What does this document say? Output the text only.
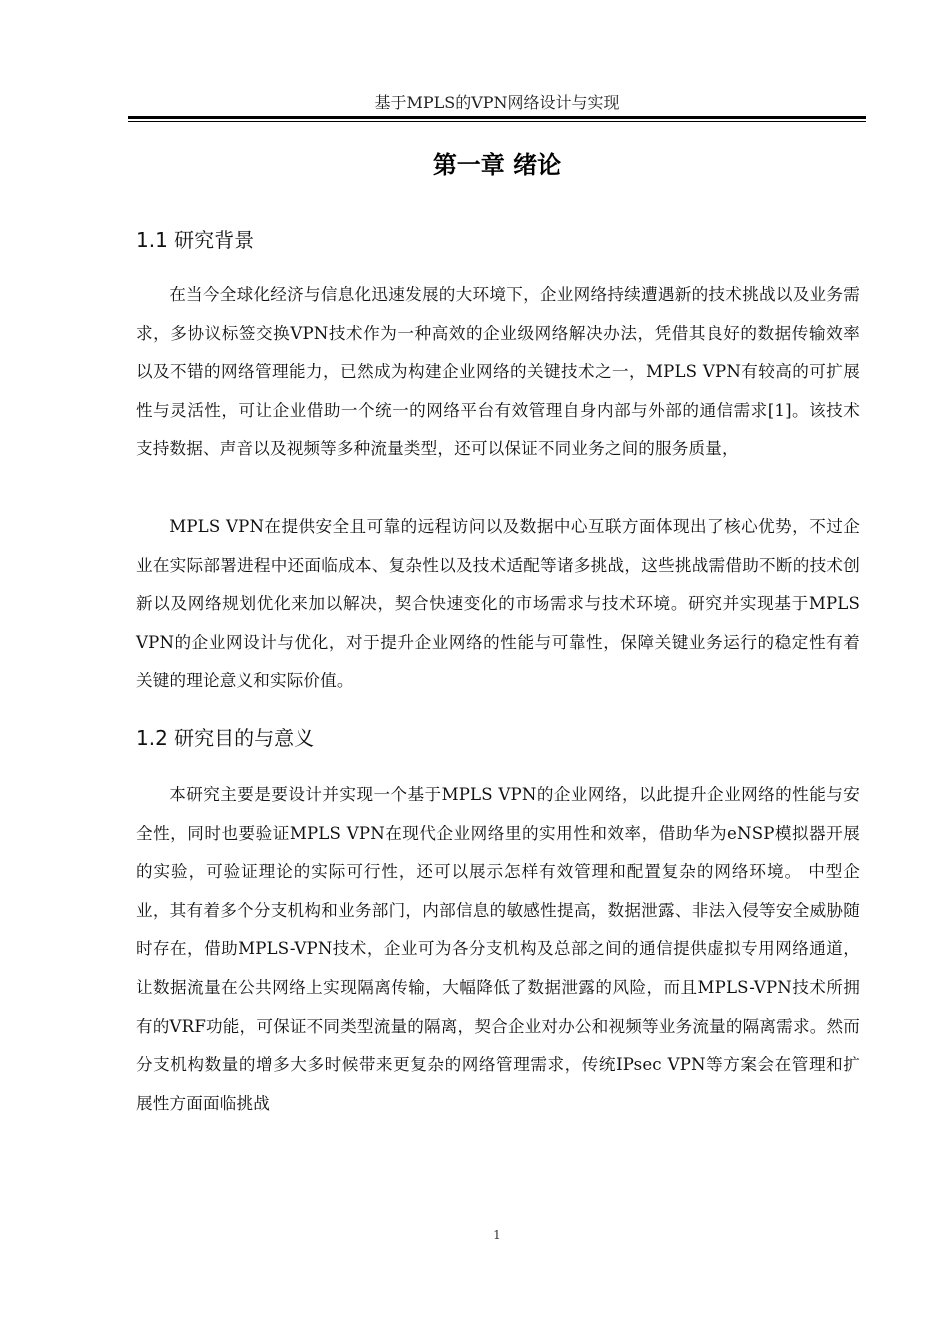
基于MPLS的VPN网络设计与实现
第一章 绪论
1.1 研究背景

在当今全球化经济与信息化迅速发展的大环境下，企业网络持续遭遇新的技术挑战以及业务需求，多协议标签交换VPN技术作为一种高效的企业级网络解决办法，凭借其良好的数据传输效率以及不错的网络管理能力，已然成为构建企业网络的关键技术之一，MPLS VPN有较高的可扩展性与灵活性，可让企业借助一个统一的网络平台有效管理自身内部与外部的通信需求[1]。该技术支持数据、声音以及视频等多种流量类型，还可以保证不同业务之间的服务质量，

MPLS VPN在提供安全且可靠的远程访问以及数据中心互联方面体现出了核心优势，不过企业在实际部署进程中还面临成本、复杂性以及技术适配等诸多挑战，这些挑战需借助不断的技术创新以及网络规划优化来加以解决，契合快速变化的市场需求与技术环境。研究并实现基于MPLS VPN的企业网设计与优化，对于提升企业网络的性能与可靠性，保障关键业务运行的稳定性有着关键的理论意义和实际价值。

1.2 研究目的与意义

本研究主要是要设计并实现一个基于MPLS VPN的企业网络，以此提升企业网络的性能与安全性，同时也要验证MPLS VPN在现代企业网络里的实用性和效率，借助华为eNSP模拟器开展的实验，可验证理论的实际可行性，还可以展示怎样有效管理和配置复杂的网络环境。 中型企业，其有着多个分支机构和业务部门，内部信息的敏感性提高，数据泄露、非法入侵等安全威胁随时存在，借助MPLS-VPN技术，企业可为各分支机构及总部之间的通信提供虚拟专用网络通道，让数据流量在公共网络上实现隔离传输，大幅降低了数据泄露的风险，而且MPLS-VPN技术所拥有的VRF功能，可保证不同类型流量的隔离，契合企业对办公和视频等业务流量的隔离需求。然而分支机构数量的增多大多时候带来更复杂的网络管理需求，传统IPsec VPN等方案会在管理和扩展性方面面临挑战

1
